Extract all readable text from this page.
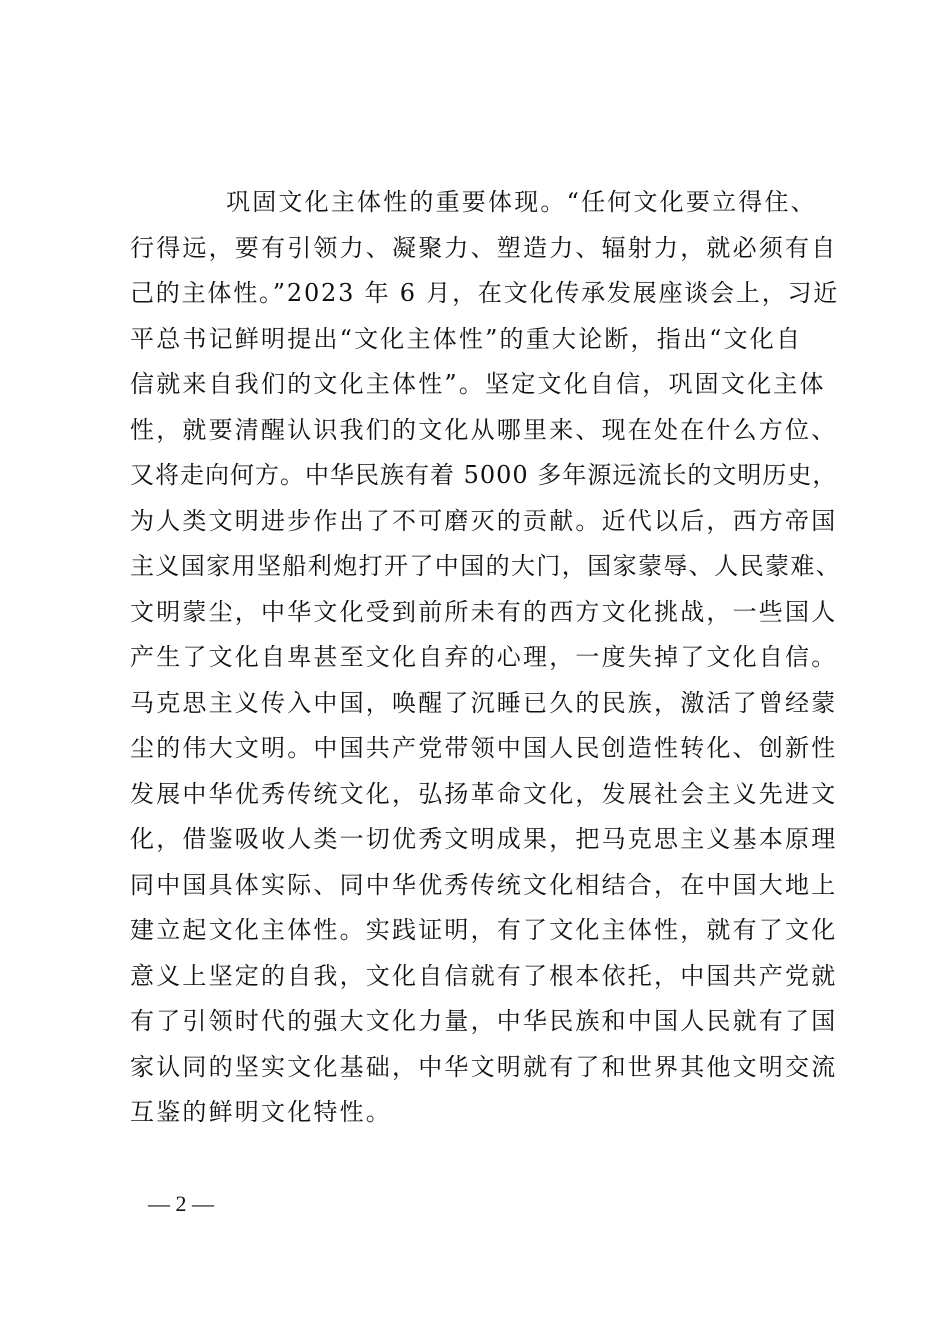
巩固文化主体性的重要体现。“任何文化要立得住、
行得远，要有引领力、凝聚力、塑造力、辐射力，就必须有自
己的主体性。”2023 年 6 月，在文化传承发展座谈会上，习近
平总书记鲜明提出“文化主体性”的重大论断，指出“文化自
信就来自我们的文化主体性”。坚定文化自信，巩固文化主体
性，就要清醒认识我们的文化从哪里来、现在处在什么方位、
又将走向何方。中华民族有着 5000 多年源远流长的文明历史，
为人类文明进步作出了不可磨灭的贡献。近代以后，西方帝国
主义国家用坚船利炮打开了中国的大门，国家蒙辱、人民蒙难、
文明蒙尘，中华文化受到前所未有的西方文化挑战，一些国人
产生了文化自卑甚至文化自弃的心理，一度失掉了文化自信。
马克思主义传入中国，唤醒了沉睡已久的民族，激活了曾经蒙
尘的伟大文明。中国共产党带领中国人民创造性转化、创新性
发展中华优秀传统文化，弘扬革命文化，发展社会主义先进文
化，借鉴吸收人类一切优秀文明成果，把马克思主义基本原理
同中国具体实际、同中华优秀传统文化相结合，在中国大地上
建立起文化主体性。实践证明，有了文化主体性，就有了文化
意义上坚定的自我，文化自信就有了根本依托，中国共产党就
有了引领时代的强大文化力量，中华民族和中国人民就有了国
家认同的坚实文化基础，中华文明就有了和世界其他文明交流
互鉴的鲜明文化特性。
— 2 —
